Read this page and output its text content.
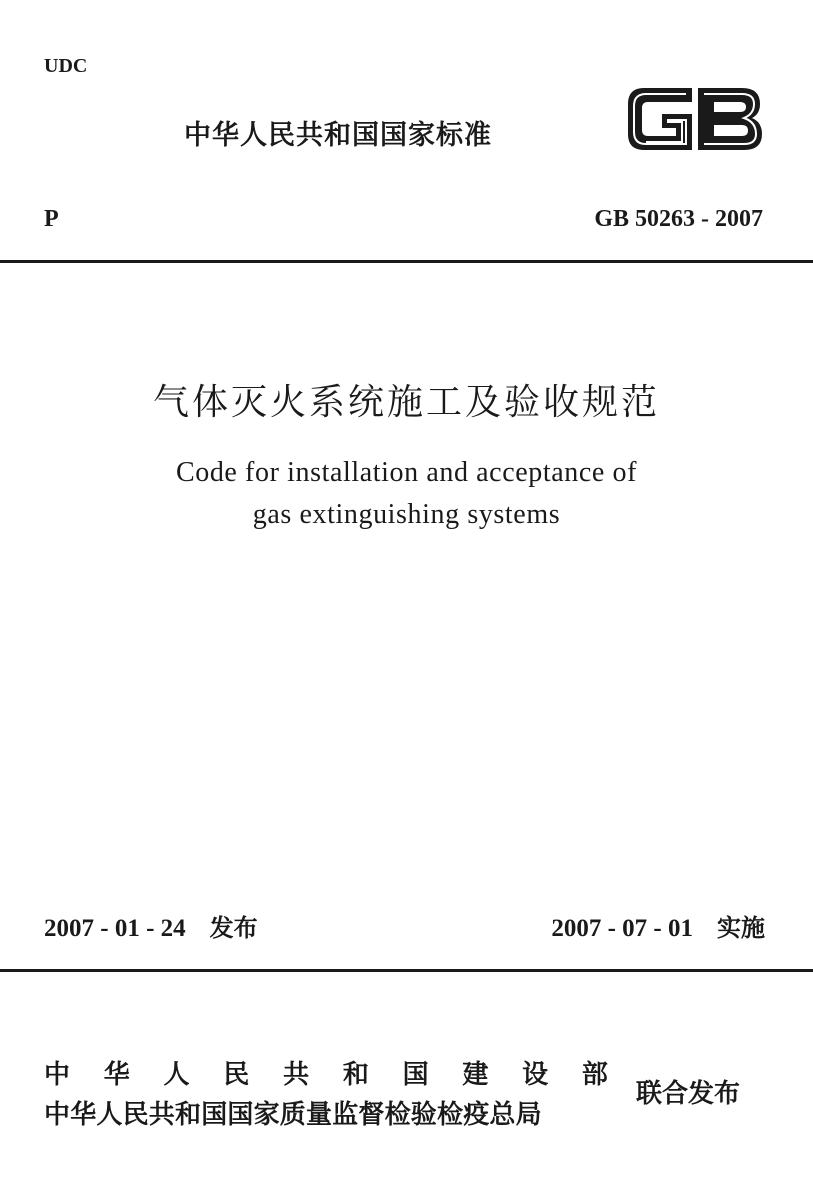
UDC
中华人民共和国国家标准
P	GB 50263 - 2007
气体灭火系统施工及验收规范
Code for installation and acceptance of
gas extinguishing systems
2007 - 01 - 24 发布	2007 - 07 - 01 实施
中 华 人 民 共 和 国 建 设 部
中华人民共和国国家质量监督检验检疫总局
联合发布
